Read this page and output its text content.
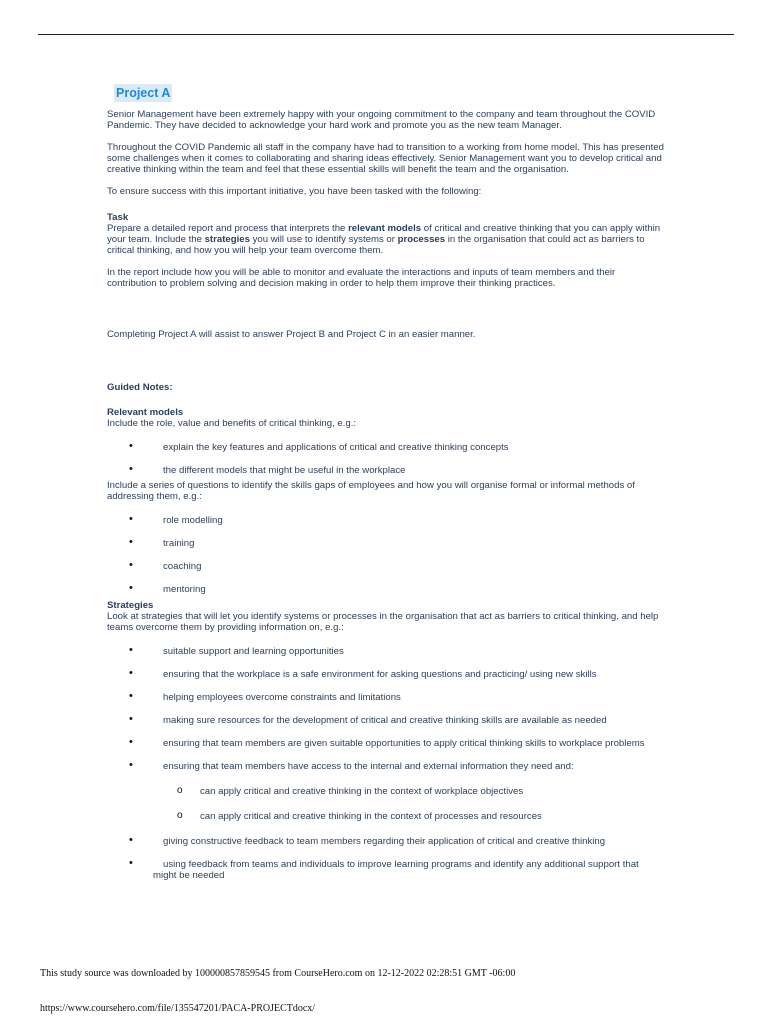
Project A

Senior Management have been extremely happy with your ongoing commitment to the company and team throughout the COVID Pandemic. They have decided to acknowledge your hard work and promote you as the new team Manager.

Throughout the COVID Pandemic all staff in the company have had to transition to a working from home model. This has presented some challenges when it comes to collaborating and sharing ideas effectively. Senior Management want you to develop critical and creative thinking within the team and feel that these essential skills will benefit the team and the organisation.

To ensure success with this important initiative, you have been tasked with the following:

Task

Prepare a detailed report and process that interprets the relevant models of critical and creative thinking that you can apply within your team. Include the strategies you will use to identify systems or processes in the organisation that could act as barriers to critical thinking, and how you will help your team overcome them.

In the report include how you will be able to monitor and evaluate the interactions and inputs of team members and their contribution to problem solving and decision making in order to help them improve their thinking practices.

Completing Project A will assist to answer Project B and Project C in an easier manner.

Guided Notes:

Relevant models

Include the role, value and benefits of critical thinking, e.g.:

• explain the key features and applications of critical and creative thinking concepts
• the different models that might be useful in the workplace

Include a series of questions to identify the skills gaps of employees and how you will organise formal or informal methods of addressing them, e.g.:

• role modelling
• training
• coaching
• mentoring

Strategies

Look at strategies that will let you identify systems or processes in the organisation that act as barriers to critical thinking, and help teams overcome them by providing information on, e.g.:

• suitable support and learning opportunities
• ensuring that the workplace is a safe environment for asking questions and practicing/ using new skills
• helping employees overcome constraints and limitations
• making sure resources for the development of critical and creative thinking skills are available as needed
• ensuring that team members are given suitable opportunities to apply critical thinking skills to workplace problems
• ensuring that team members have access to the internal and external information they need and:
o can apply critical and creative thinking in the context of workplace objectives
o can apply critical and creative thinking in the context of processes and resources
• giving constructive feedback to team members regarding their application of critical and creative thinking
• using feedback from teams and individuals to improve learning programs and identify any additional support that
might be needed
This study source was downloaded by 100000857859545 from CourseHero.com on 12-12-2022 02:28:51 GMT -06:00
https://www.coursehero.com/file/135547201/PACA-PROJECTdocx/
